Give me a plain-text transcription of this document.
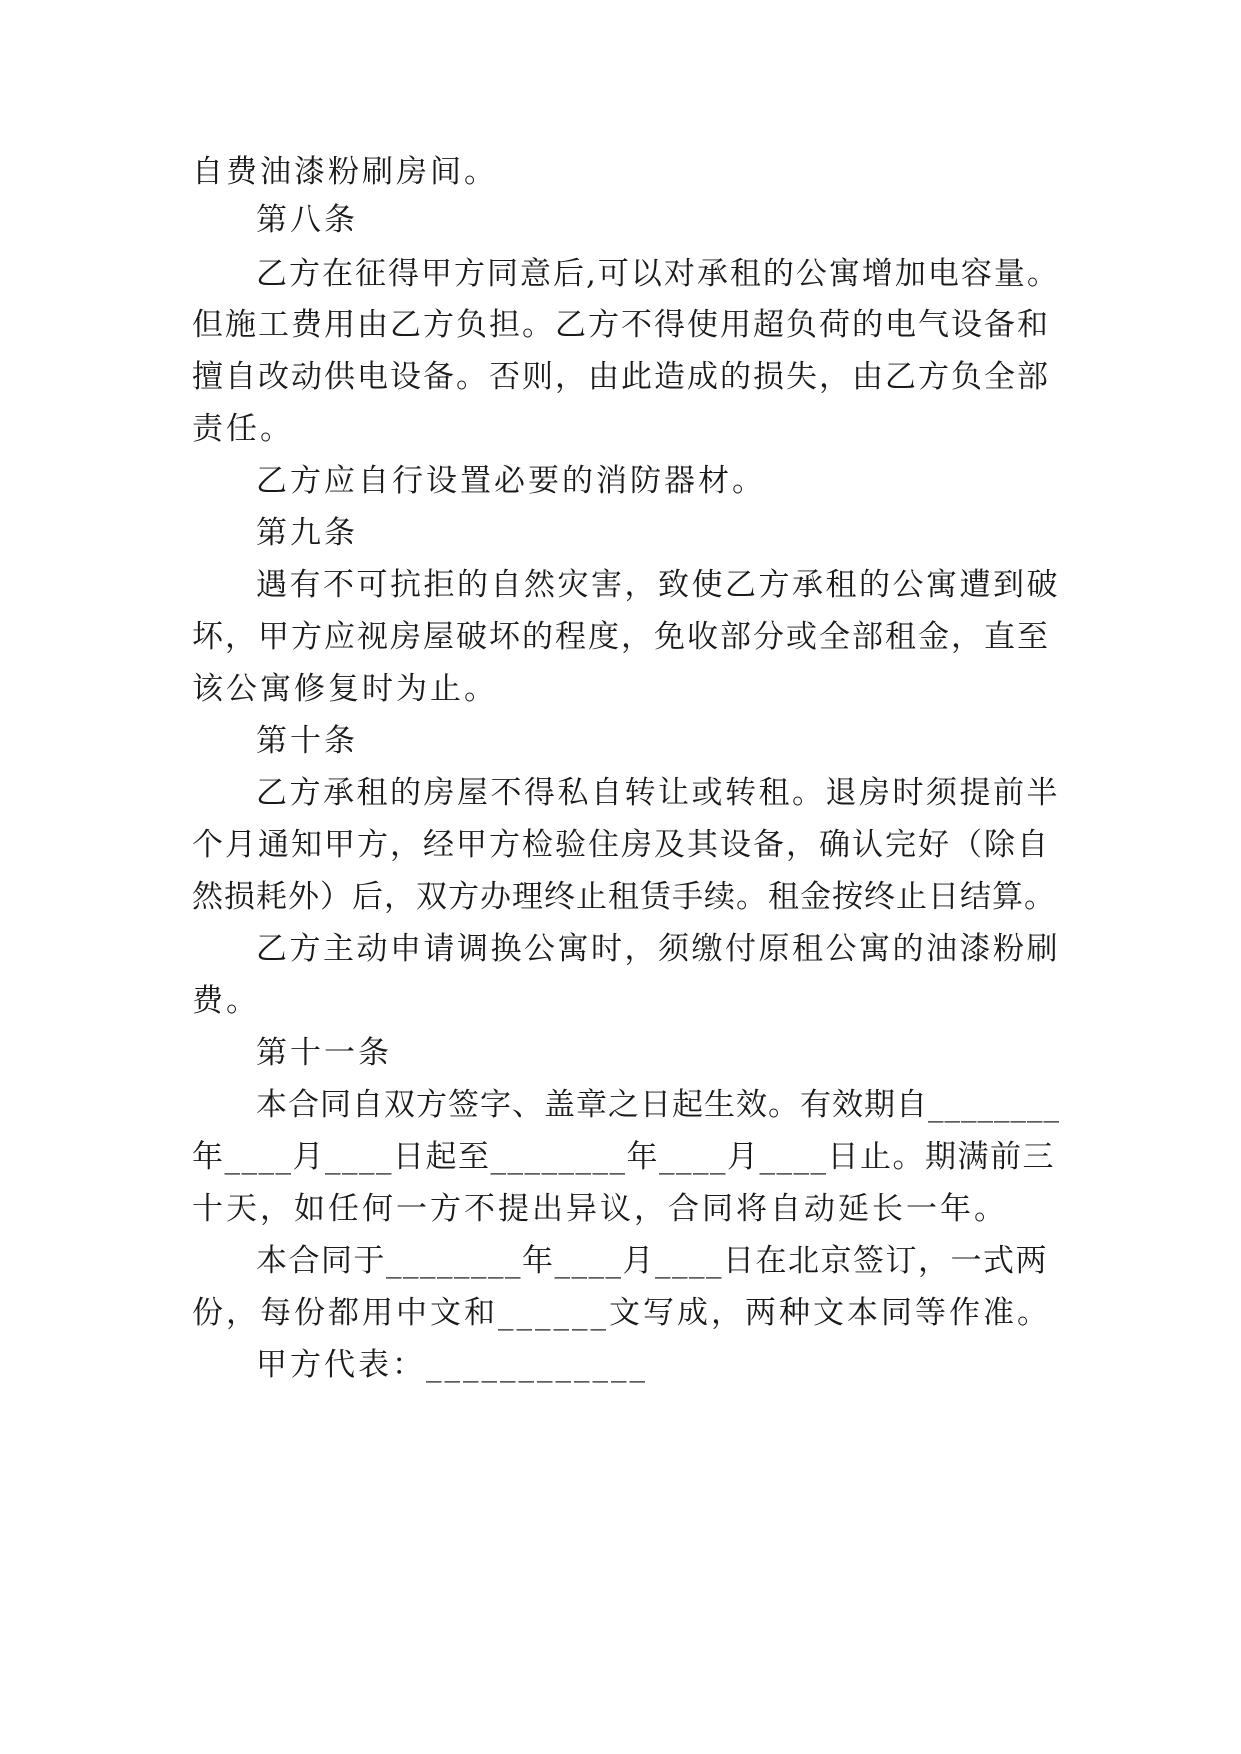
自费油漆粉刷房间。
第八条
乙方在征得甲方同意后,可以对承租的公寓增加电容量。
但施工费用由乙方负担。乙方不得使用超负荷的电气设备和
擅自改动供电设备。否则，由此造成的损失，由乙方负全部
责任。
乙方应自行设置必要的消防器材。
第九条
遇有不可抗拒的自然灾害，致使乙方承租的公寓遭到破
坏，甲方应视房屋破坏的程度，免收部分或全部租金，直至
该公寓修复时为止。
第十条
乙方承租的房屋不得私自转让或转租。退房时须提前半
个月通知甲方，经甲方检验住房及其设备，确认完好（除自
然损耗外）后，双方办理终止租赁手续。租金按终止日结算。
乙方主动申请调换公寓时，须缴付原租公寓的油漆粉刷
费。
第十一条
本合同自双方签字、盖章之日起生效。有效期自________
年____月____日起至________年____月____日止。期满前三
十天，如任何一方不提出异议，合同将自动延长一年。
本合同于________年____月____日在北京签订，一式两
份，每份都用中文和______文写成，两种文本同等作准。
甲方代表：____________
